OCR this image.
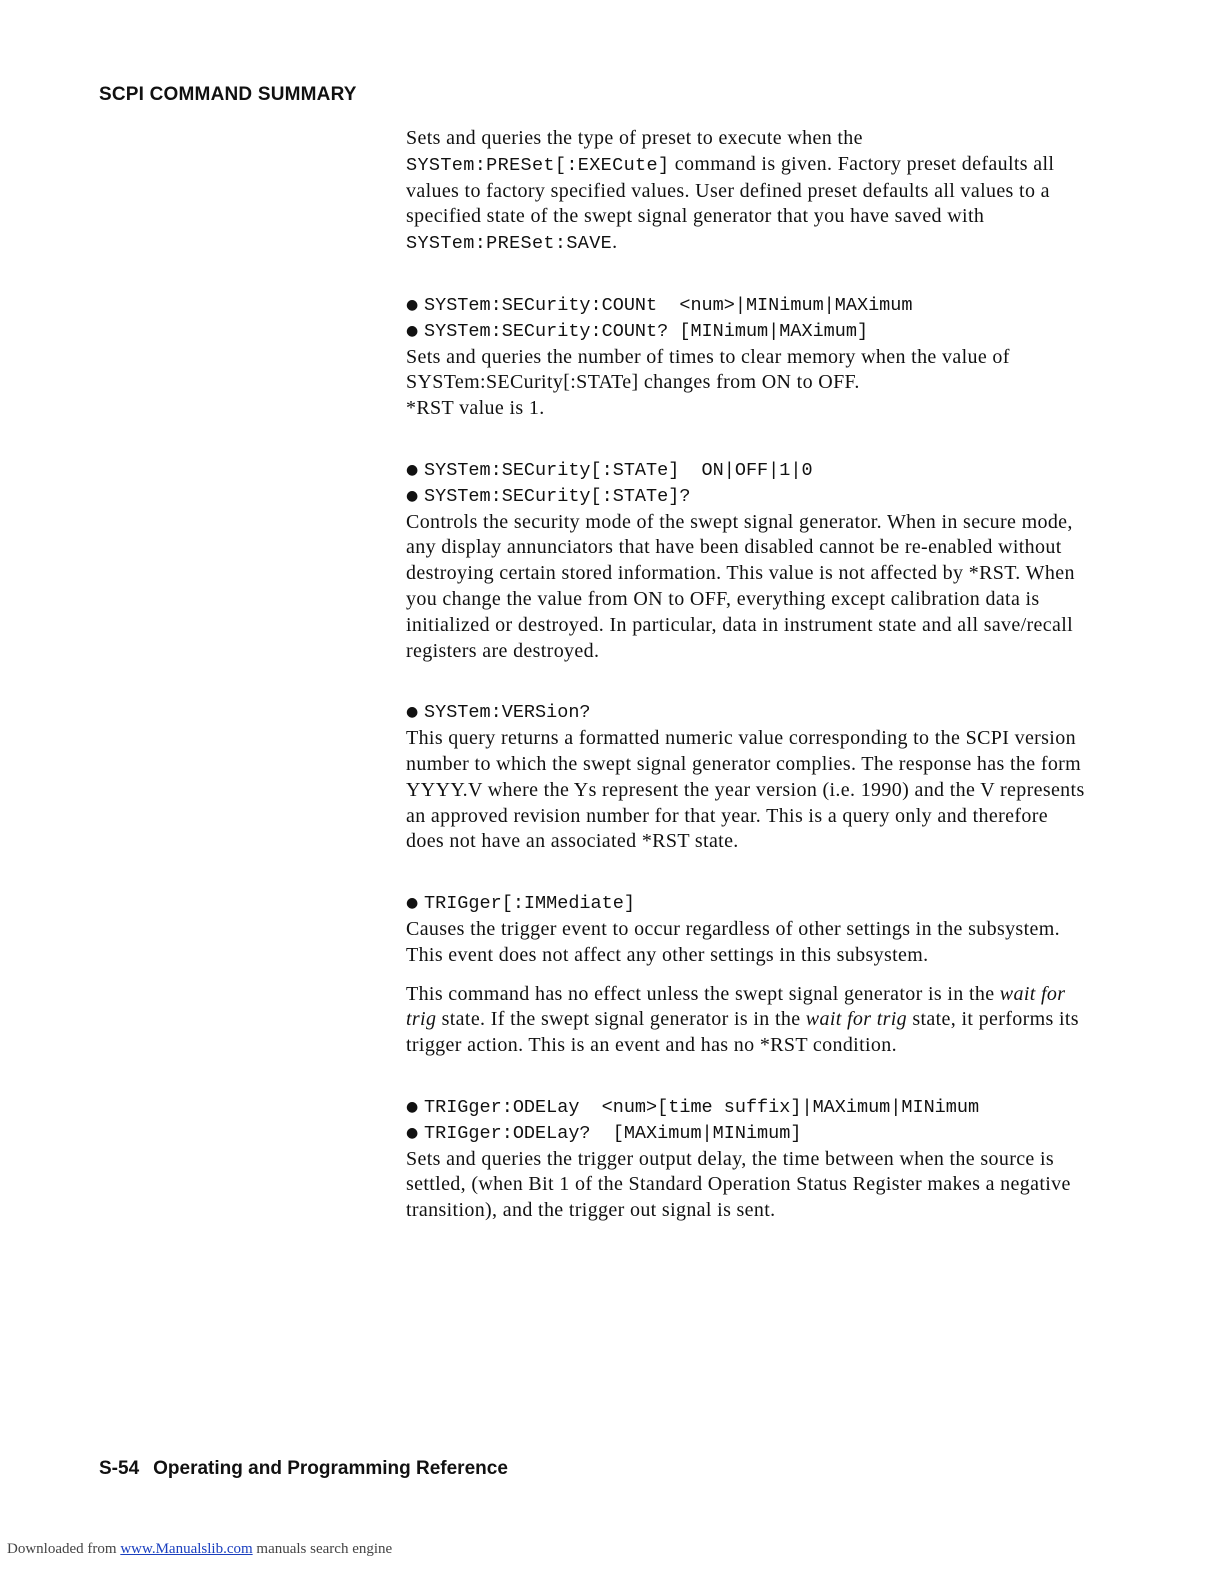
SCPI COMMAND SUMMARY

Sets and queries the type of preset to execute when the
SYSTem:PRESet[:EXECute] command is given. Factory preset defaults all values to factory specified values. User defined preset defaults all values to a specified state of the swept signal generator that you have saved with SYSTem:PRESet:SAVE.

● SYSTem:SECurity:COUNt  <num>|MINimum|MAXimum

● SYSTem:SECurity:COUNt? [MINimum|MAXimum]

Sets and queries the number of times to clear memory when the value of SYSTem:SECurity[:STATe] changes from ON to OFF.
*RST value is 1.

● SYSTem:SECurity[:STATe]  ON|OFF|1|0

● SYSTem:SECurity[:STATe]?

Controls the security mode of the swept signal generator. When in secure mode, any display annunciators that have been disabled cannot be re-enabled without destroying certain stored information. This value is not affected by *RST. When you change the value from ON to OFF, everything except calibration data is initialized or destroyed. In particular, data in instrument state and all save/recall registers are destroyed.

● SYSTem:VERSion?

This query returns a formatted numeric value corresponding to the SCPI version number to which the swept signal generator complies. The response has the form YYYY.V where the Ys represent the year version (i.e. 1990) and the V represents an approved revision number for that year. This is a query only and therefore does not have an associated *RST state.

● TRIGger[:IMMediate]

Causes the trigger event to occur regardless of other settings in the subsystem. This event does not affect any other settings in this subsystem.

This command has no effect unless the swept signal generator is in the wait for trig state. If the swept signal generator is in the wait for trig state, it performs its trigger action. This is an event and has no *RST condition.

● TRIGger:ODELay  <num>[time suffix]|MAXimum|MINimum

● TRIGger:ODELay?  [MAXimum|MINimum]

Sets and queries the trigger output delay, the time between when the source is settled, (when Bit 1 of the Standard Operation Status Register makes a negative transition), and the trigger out signal is sent.

S-54 Operating and Programming Reference
Downloaded from www.Manualslib.com manuals search engine
